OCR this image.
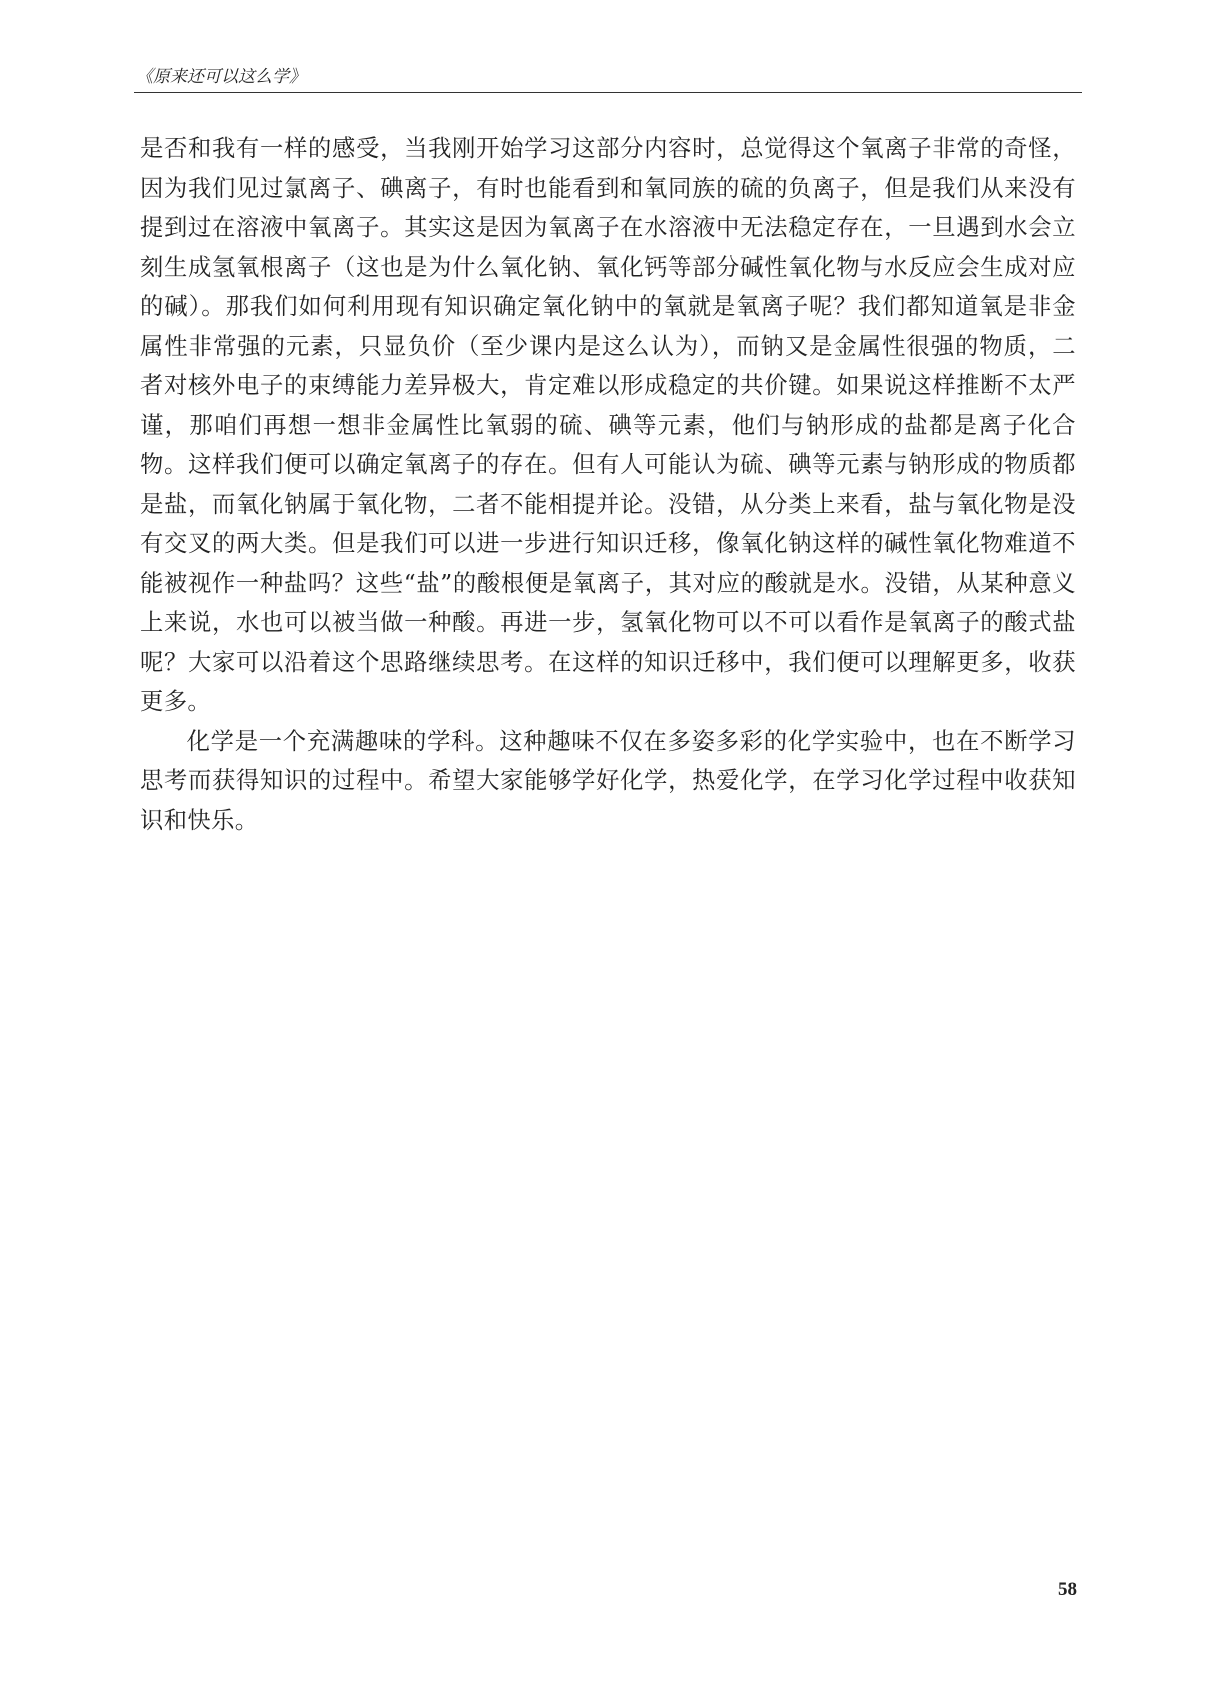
《原来还可以这么学》

是否和我有一样的感受，当我刚开始学习这部分内容时，总觉得这个氧离子非常的奇怪，因为我们见过氯离子、碘离子，有时也能看到和氧同族的硫的负离子，但是我们从来没有提到过在溶液中氧离子。其实这是因为氧离子在水溶液中无法稳定存在，一旦遇到水会立刻生成氢氧根离子（这也是为什么氧化钠、氧化钙等部分碱性氧化物与水反应会生成对应的碱）。那我们如何利用现有知识确定氧化钠中的氧就是氧离子呢？我们都知道氧是非金属性非常强的元素，只显负价（至少课内是这么认为），而钠又是金属性很强的物质，二者对核外电子的束缚能力差异极大，肯定难以形成稳定的共价键。如果说这样推断不太严谨，那咱们再想一想非金属性比氧弱的硫、碘等元素，他们与钠形成的盐都是离子化合物。这样我们便可以确定氧离子的存在。但有人可能认为硫、碘等元素与钠形成的物质都是盐，而氧化钠属于氧化物，二者不能相提并论。没错，从分类上来看，盐与氧化物是没有交叉的两大类。但是我们可以进一步进行知识迁移，像氧化钠这样的碱性氧化物难道不能被视作一种盐吗？这些“盐”的酸根便是氧离子，其对应的酸就是水。没错，从某种意义上来说，水也可以被当做一种酸。再进一步，氢氧化物可以不可以看作是氧离子的酸式盐呢？大家可以沿着这个思路继续思考。在这样的知识迁移中，我们便可以理解更多，收获更多。

化学是一个充满趣味的学科。这种趣味不仅在多姿多彩的化学实验中，也在不断学习思考而获得知识的过程中。希望大家能够学好化学，热爱化学，在学习化学过程中收获知识和快乐。

58
